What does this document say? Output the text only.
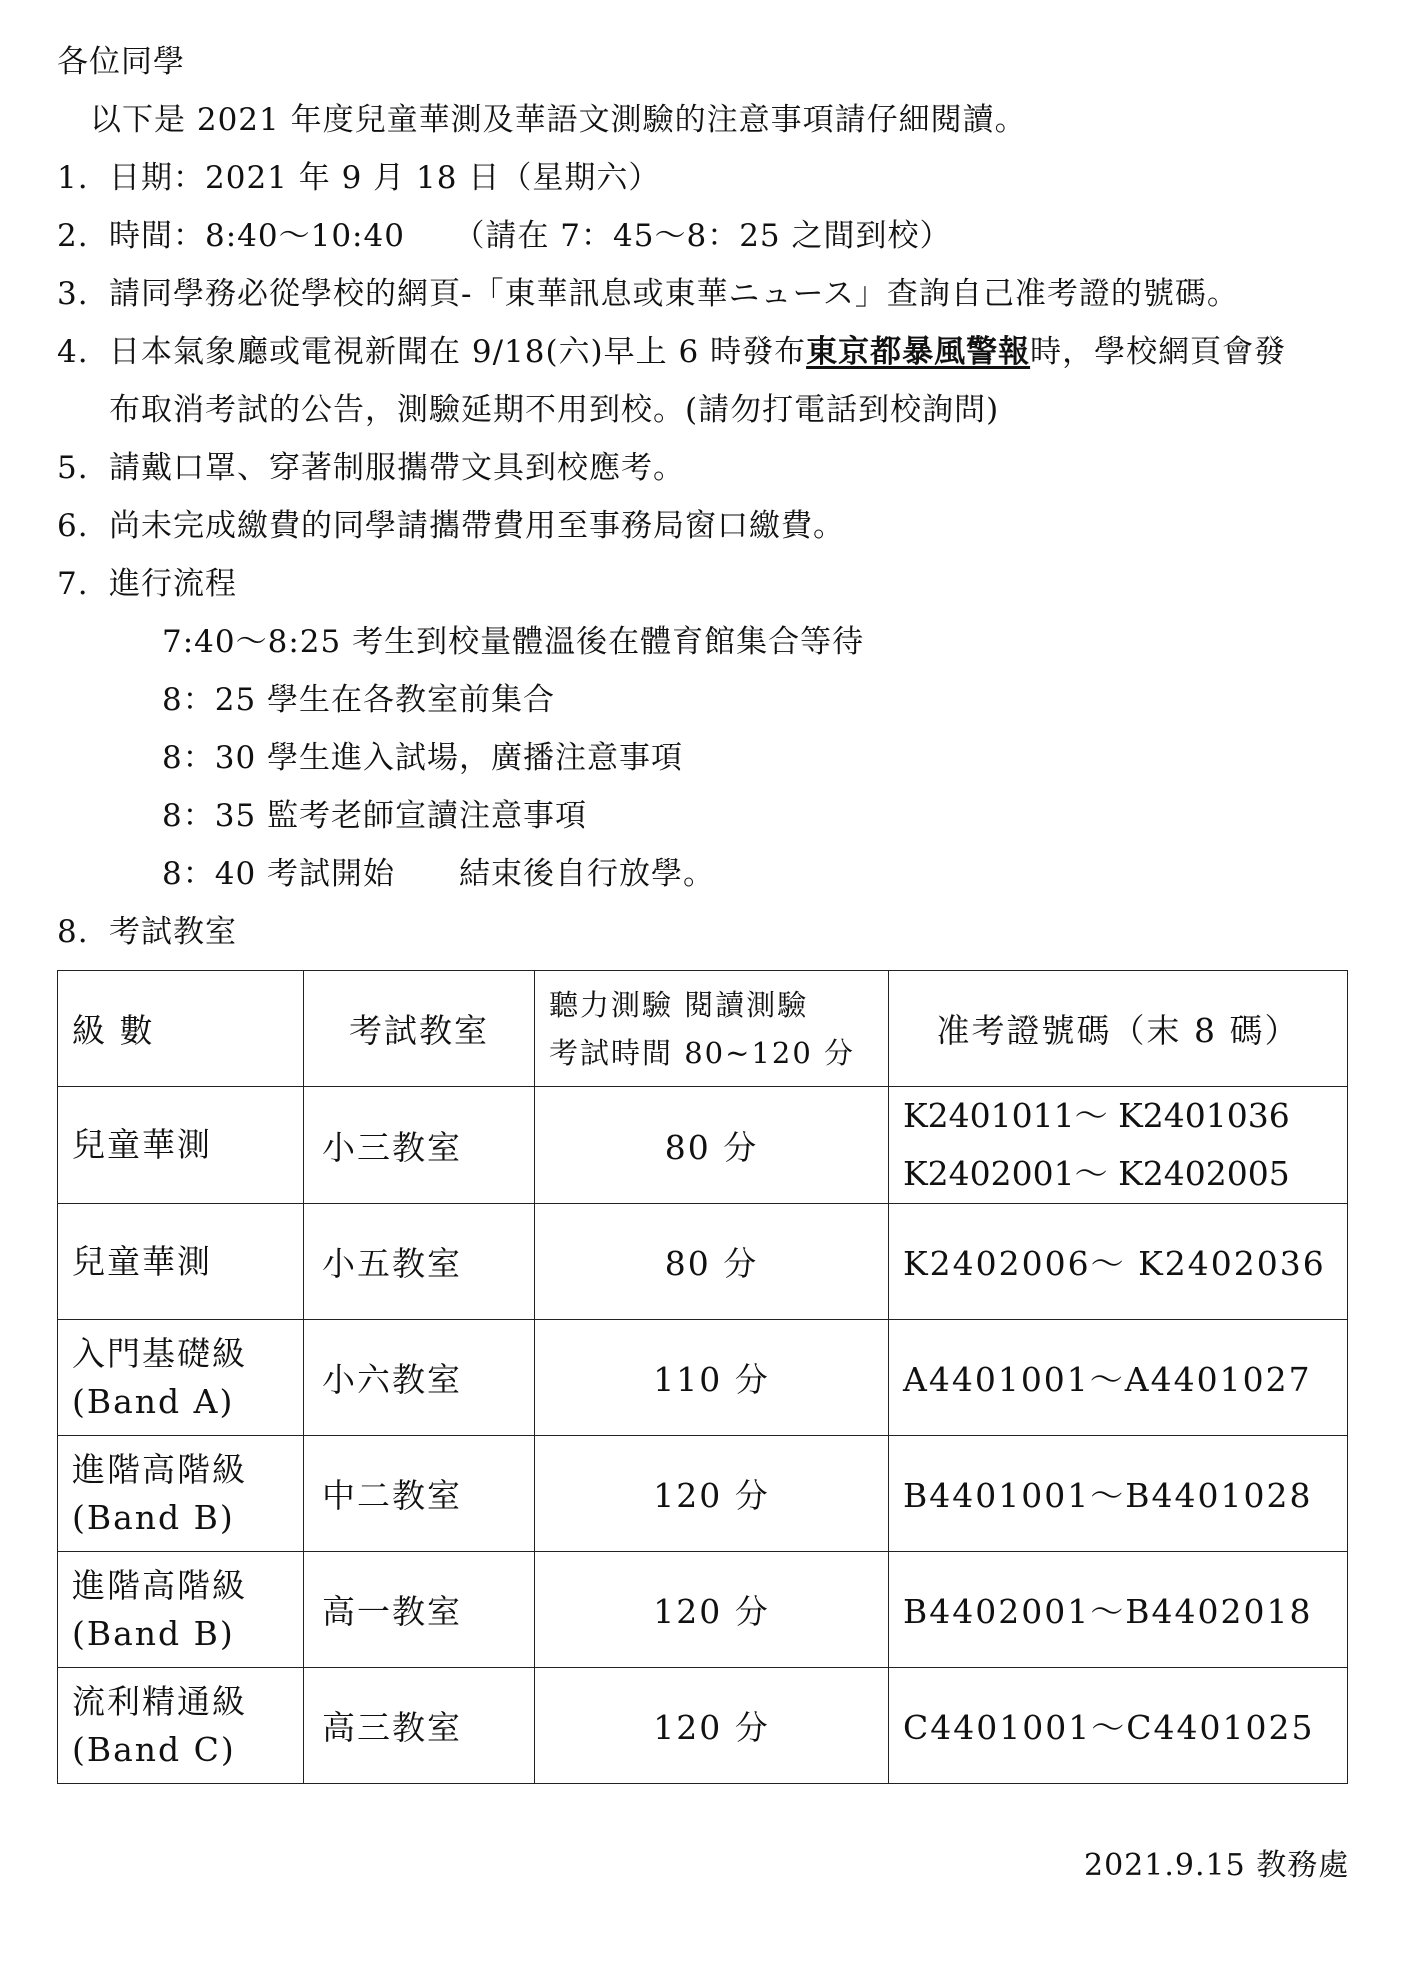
各位同學
以下是 2021 年度兒童華測及華語文測驗的注意事項請仔細閱讀。
1. 日期：2021 年 9 月 18 日（星期六）
2. 時間：8:40～10:40　　（請在 7：45～8：25 之間到校）
3. 請同學務必從學校的網頁-「東華訊息或東華ニュース」查詢自己准考證的號碼。
4. 日本氣象廳或電視新聞在 9/18(六)早上 6 時發布東京都暴風警報時，學校網頁會發
布取消考試的公告，測驗延期不用到校。(請勿打電話到校詢問)
5. 請戴口罩、穿著制服攜帶文具到校應考。
6. 尚未完成繳費的同學請攜帶費用至事務局窗口繳費。
7. 進行流程
7:40～8:25 考生到校量體溫後在體育館集合等待
8：25 學生在各教室前集合
8：30 學生進入試場，廣播注意事項
8：35 監考老師宣讀注意事項
8：40 考試開始　　結束後自行放學。
8. 考試教室
級 數	考試教室	聽力測驗 閱讀測驗
考試時間 80~120 分	准考證號碼（末 8 碼）

兒童華測	小三教室	80 分	K2401011～ K2401036
K2402001～ K2402005

兒童華測	小五教室	80 分	K2402006～ K2402036

入門基礎級
(Band A)	小六教室	110 分	A4401001～A4401027

進階高階級
(Band B)	中二教室	120 分	B4401001～B4401028

進階高階級
(Band B)	高一教室	120 分	B4402001～B4402018

流利精通級
(Band C)	高三教室	120 分	C4401001～C4401025
2021.9.15 教務處
